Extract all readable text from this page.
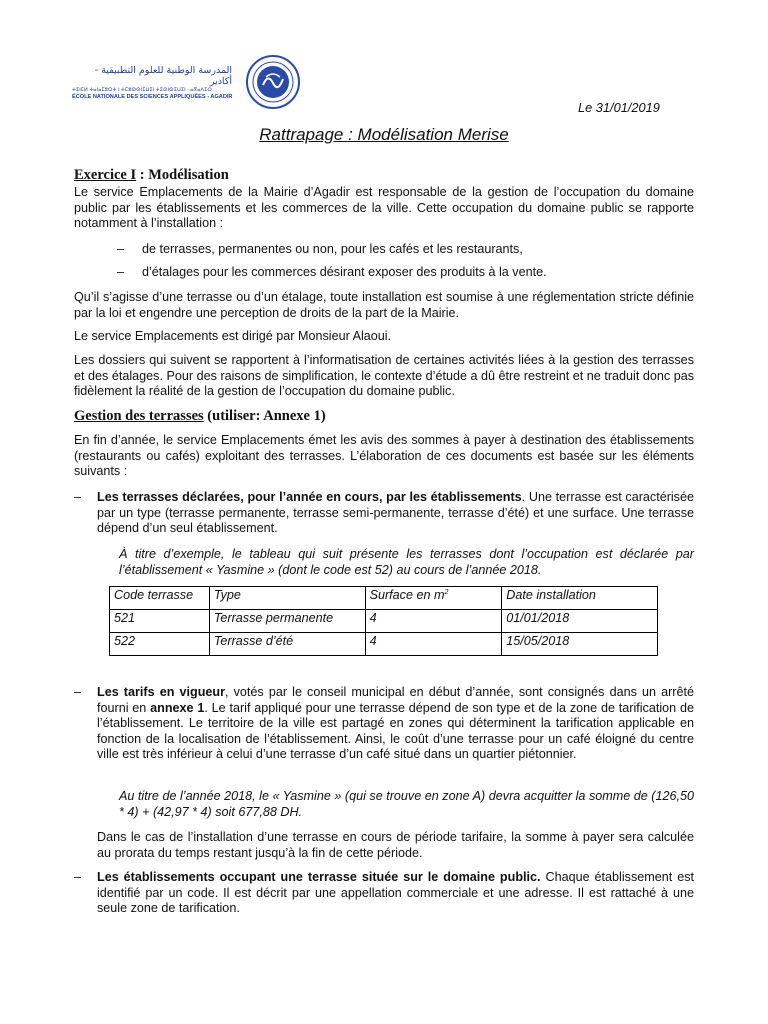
المدرسة الوطنية للعلوم التطبيقية - أكادير
ⵜⵉⵏⵎⵍ ⵜⴰⵏⴰⵎⵓⵔⵜ ⵏ ⵜⵎⵓⵙⵙⵏⵉⵡⵉⵏ ⵜⵉⵙⵏⵙⵉⵡⵉⵏ - ⴰⴳⴰⴷⵉⵔ
ÉCOLE NATIONALE DES SCIENCES APPLIQUÉES - AGADIR
Le 31/01/2019
Rattrapage : Modélisation Merise
Exercice I : Modélisation
Le service Emplacements de la Mairie d’Agadir est responsable de la gestion de l’occupation du domaine public par les établissements et les commerces de la ville. Cette occupation du domaine public se rapporte notamment à l’installation :
– de terrasses, permanentes ou non, pour les cafés et les restaurants,
– d’étalages pour les commerces désirant exposer des produits à la vente.
Qu’il s’agisse d’une terrasse ou d’un étalage, toute installation est soumise à une réglementation stricte définie par la loi et engendre une perception de droits de la part de la Mairie.
Le service Emplacements est dirigé par Monsieur Alaoui.
Les dossiers qui suivent se rapportent à l’informatisation de certaines activités liées à la gestion des terrasses et des étalages. Pour des raisons de simplification, le contexte d’étude a dû être restreint et ne traduit donc pas fidèlement la réalité de la gestion de l’occupation du domaine public.
Gestion des terrasses (utiliser: Annexe 1)
En fin d’année, le service Emplacements émet les avis des sommes à payer à destination des établissements (restaurants ou cafés) exploitant des terrasses. L’élaboration de ces documents est basée sur les éléments suivants :
– Les terrasses déclarées, pour l’année en cours, par les établissements. Une terrasse est caractérisée par un type (terrasse permanente, terrasse semi-permanente, terrasse d’été) et une surface. Une terrasse dépend d’un seul établissement.
À titre d’exemple, le tableau qui suit présente les terrasses dont l’occupation est déclarée par l’établissement « Yasmine » (dont le code est 52) au cours de l’année 2018.
Code terrasse	Type	Surface en $m^2$	Date installation
521	Terrasse permanente	4	01/01/2018
522	Terrasse d’été	4	15/05/2018
– Les tarifs en vigueur, votés par le conseil municipal en début d’année, sont consignés dans un arrêté fourni en annexe 1. Le tarif appliqué pour une terrasse dépend de son type et de la zone de tarification de l’établissement. Le territoire de la ville est partagé en zones qui déterminent la tarification applicable en fonction de la localisation de l’établissement. Ainsi, le coût d’une terrasse pour un café éloigné du centre ville est très inférieur à celui d’une terrasse d’un café situé dans un quartier piétonnier.
Au titre de l’année 2018, le « Yasmine » (qui se trouve en zone A) devra acquitter la somme de (126,50 * 4) + (42,97 * 4) soit 677,88 DH.
Dans le cas de l’installation d’une terrasse en cours de période tarifaire, la somme à payer sera calculée au prorata du temps restant jusqu’à la fin de cette période.
– Les établissements occupant une terrasse située sur le domaine public. Chaque établissement est identifié par un code. Il est décrit par une appellation commerciale et une adresse. Il est rattaché à une seule zone de tarification.
